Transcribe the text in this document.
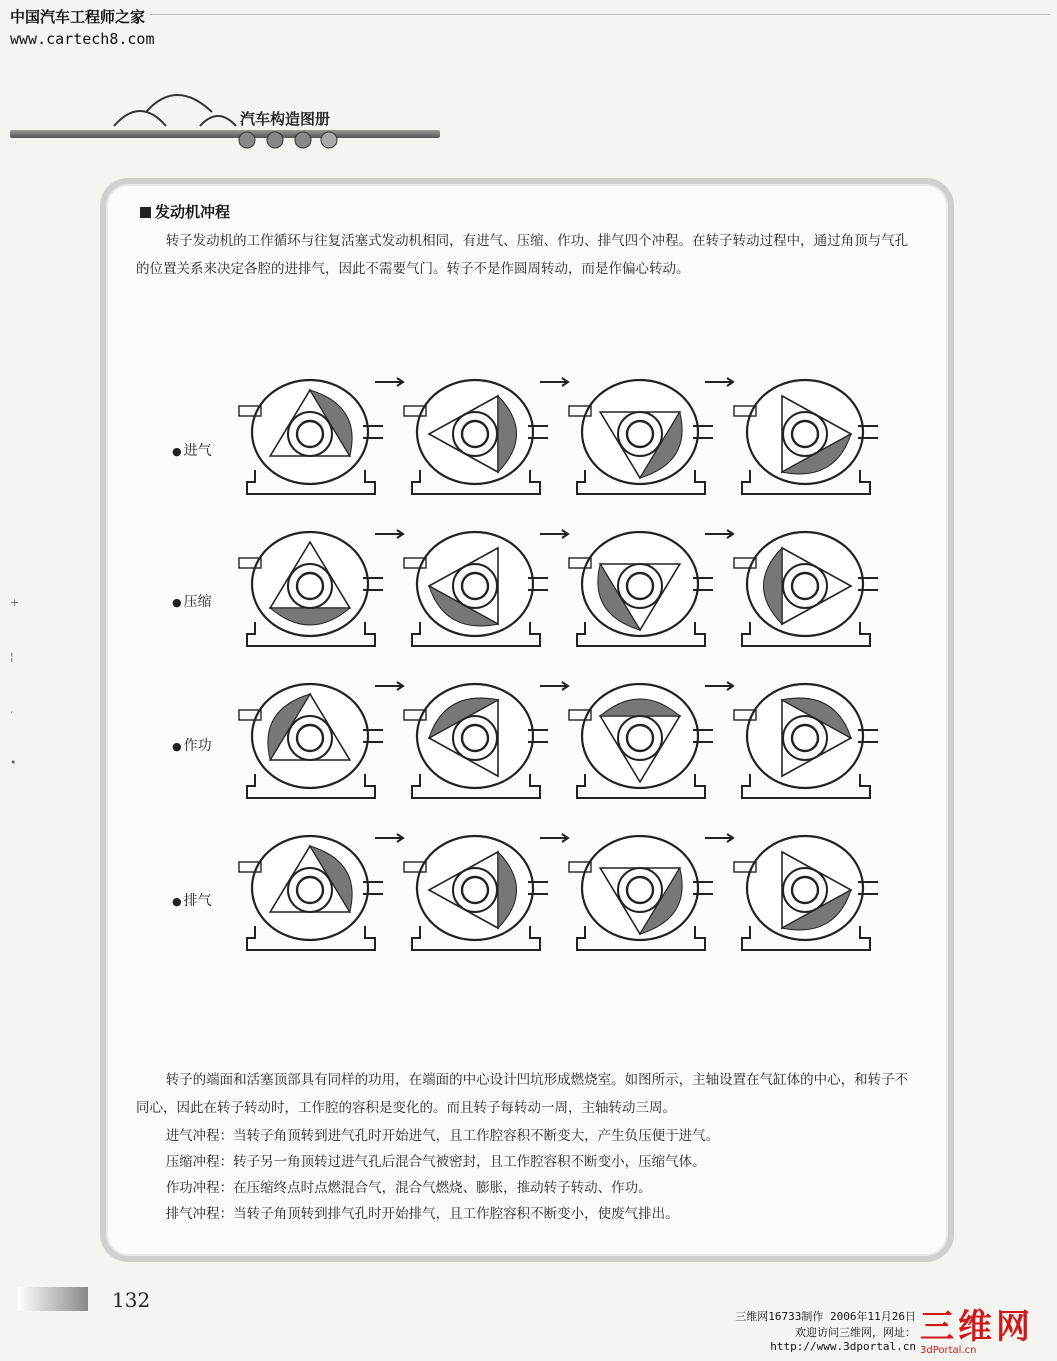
中国汽车工程师之家
www.cartech8.com
汽车构造图册
发动机冲程
转子发动机的工作循环与往复活塞式发动机相同，有进气、压缩、作功、排气四个冲程。在转子转动过程中，通过角顶与气孔的位置关系来决定各腔的进排气，因此不需要气门。转子不是作圆周转动，而是作偏心转动。
● 进气
● 压缩
● 作功
● 排气
转子的端面和活塞顶部具有同样的功用，在端面的中心设计凹坑形成燃烧室。如图所示，主轴设置在气缸体的中心，和转子不同心，因此在转子转动时，工作腔的容积是变化的。而且转子每转动一周，主轴转动三周。
进气冲程：当转子角顶转到进气孔时开始进气，且工作腔容积不断变大，产生负压便于进气。
压缩冲程：转子另一角顶转过进气孔后混合气被密封，且工作腔容积不断变小，压缩气体。
作功冲程：在压缩终点时点燃混合气，混合气燃烧、膨胀，推动转子转动、作功。
排气冲程：当转子角顶转到排气孔时开始排气，且工作腔容积不断变小，使废气排出。
+
¦
·
•
132
三维网16733制作 2006年11月26日
欢迎访问三维网，网址：
http://www.3dportal.cn 三维网
3dPortal.cn
